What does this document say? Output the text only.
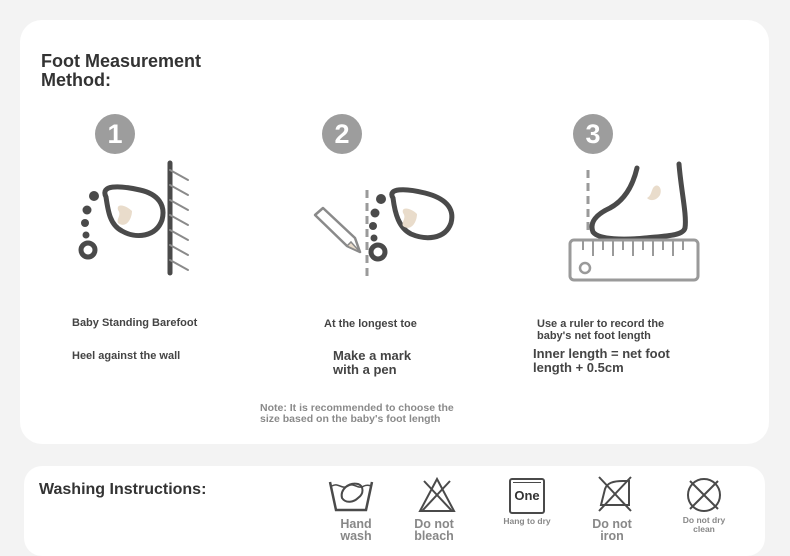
Foot Measurement
Method:
1	2	3
Baby Standing Barefoot
Heel against the wall
At the longest toe
Make a mark
with a pen
Use a ruler to record the
baby's net foot length
Inner length = net foot
length + 0.5cm
Note: It is recommended to choose the
size based on the baby's foot length
Washing Instructions:
Hand
wash
Do not
bleach
One
Hang to dry	Do not
iron
Do not dry
clean
